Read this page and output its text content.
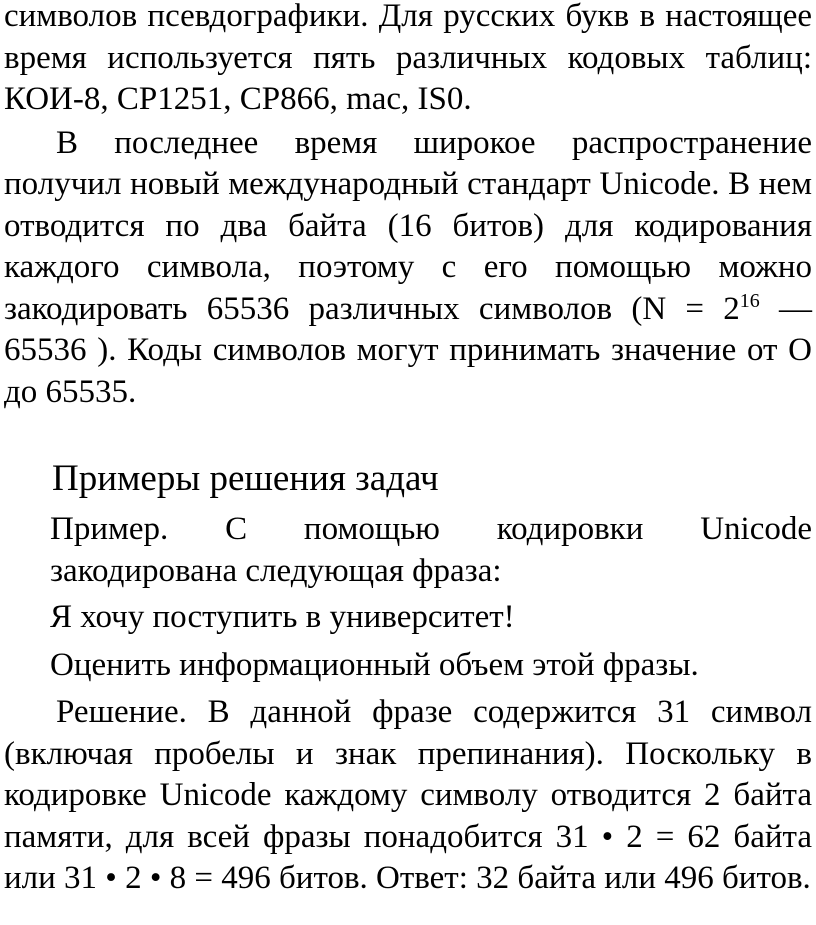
символов псевдографики. Для русских букв в настоящее время используется пять различных кодовых таблиц: КОИ-8, СР1251, СР866, mac, IS0.

В последнее время широкое распространение получил новый международный стандарт Unicode. В нем отводится по два байта (16 битов) для кодирования каждого символа, поэтому с его помощью можно закодировать 65536 различных символов ($N = 2^{16}$ — 65536 ). Коды символов могут принимать значение от О до 65535.

Примеры решения задач

Пример. С помощью кодировки Unicode закодирована следующая фраза:

Я хочу поступить в университет!

Оценить информационный объем этой фразы.

Решение. В данной фразе содержится 31 символ (включая пробелы и знак препинания). Поскольку в кодировке Unicode каждому символу отводится 2 байта памяти, для всей фразы понадобится 31 • 2 = 62 байта или 31 • 2 • 8 = 496 битов. Ответ: 32 байта или 496 битов.
